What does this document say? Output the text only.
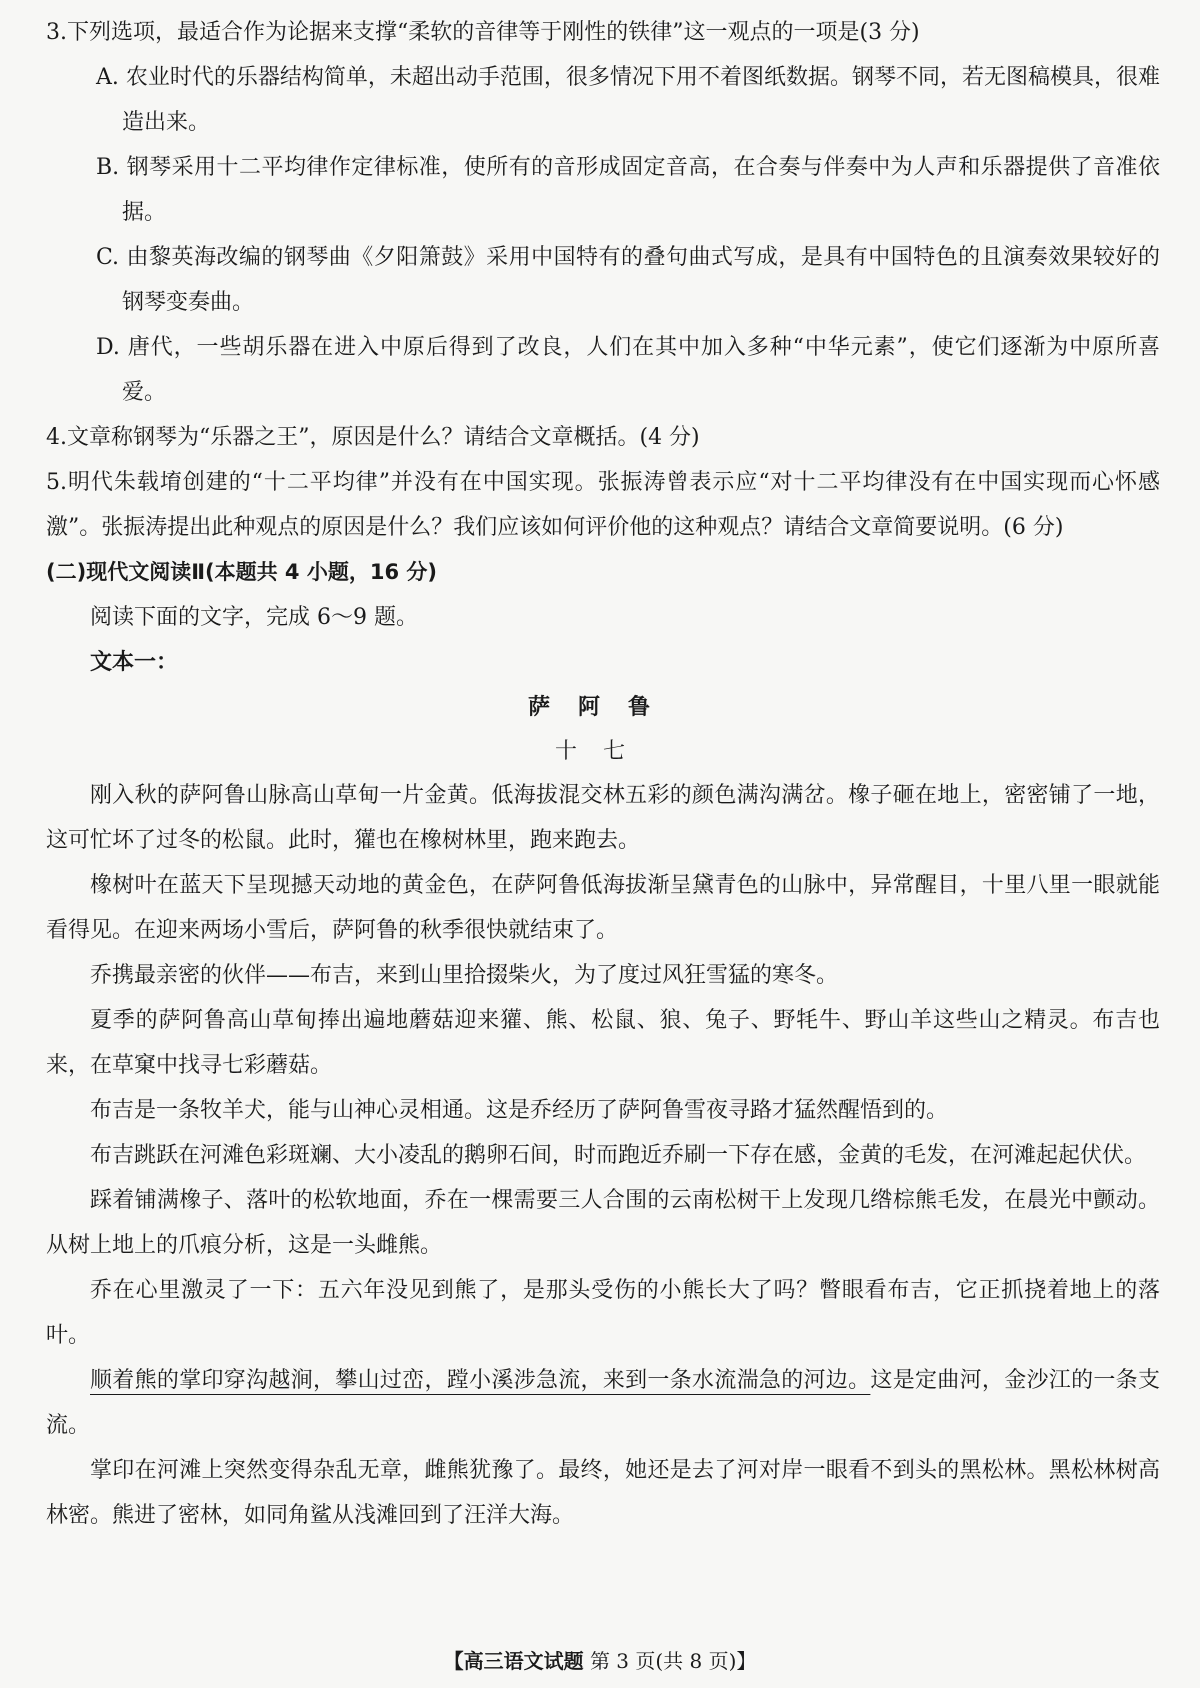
3.下列选项，最适合作为论据来支撑“柔软的音律等于刚性的铁律”这一观点的一项是(3 分)

A. 农业时代的乐器结构简单，未超出动手范围，很多情况下用不着图纸数据。钢琴不同，若无图稿模具，很难造出来。

B. 钢琴采用十二平均律作定律标准，使所有的音形成固定音高，在合奏与伴奏中为人声和乐器提供了音准依据。

C. 由黎英海改编的钢琴曲《夕阳箫鼓》采用中国特有的叠句曲式写成，是具有中国特色的且演奏效果较好的钢琴变奏曲。

D. 唐代，一些胡乐器在进入中原后得到了改良，人们在其中加入多种“中华元素”，使它们逐渐为中原所喜爱。

4.文章称钢琴为“乐器之王”，原因是什么？请结合文章概括。(4 分)

5.明代朱载堉创建的“十二平均律”并没有在中国实现。张振涛曾表示应“对十二平均律没有在中国实现而心怀感激”。张振涛提出此种观点的原因是什么？我们应该如何评价他的这种观点？请结合文章简要说明。(6 分)

(二)现代文阅读Ⅱ(本题共 4 小题，16 分)

阅读下面的文字，完成 6～9 题。

文本一：

萨阿鲁

十七

刚入秋的萨阿鲁山脉高山草甸一片金黄。低海拔混交林五彩的颜色满沟满岔。橡子砸在地上，密密铺了一地，这可忙坏了过冬的松鼠。此时，獾也在橡树林里，跑来跑去。

橡树叶在蓝天下呈现撼天动地的黄金色，在萨阿鲁低海拔渐呈黛青色的山脉中，异常醒目，十里八里一眼就能看得见。在迎来两场小雪后，萨阿鲁的秋季很快就结束了。

乔携最亲密的伙伴——布吉，来到山里拾掇柴火，为了度过风狂雪猛的寒冬。

夏季的萨阿鲁高山草甸捧出遍地蘑菇迎来獾、熊、松鼠、狼、兔子、野牦牛、野山羊这些山之精灵。布吉也来，在草窠中找寻七彩蘑菇。

布吉是一条牧羊犬，能与山神心灵相通。这是乔经历了萨阿鲁雪夜寻路才猛然醒悟到的。

布吉跳跃在河滩色彩斑斓、大小凌乱的鹅卵石间，时而跑近乔刷一下存在感，金黄的毛发，在河滩起起伏伏。

踩着铺满橡子、落叶的松软地面，乔在一棵需要三人合围的云南松树干上发现几绺棕熊毛发，在晨光中颤动。从树上地上的爪痕分析，这是一头雌熊。

乔在心里激灵了一下：五六年没见到熊了，是那头受伤的小熊长大了吗？瞥眼看布吉，它正抓挠着地上的落叶。

顺着熊的掌印穿沟越涧，攀山过峦，蹚小溪涉急流，来到一条水流湍急的河边。这是定曲河，金沙江的一条支流。

掌印在河滩上突然变得杂乱无章，雌熊犹豫了。最终，她还是去了河对岸一眼看不到头的黑松林。黑松林树高林密。熊进了密林，如同角鲨从浅滩回到了汪洋大海。

【高三语文试题 第 3 页(共 8 页)】
